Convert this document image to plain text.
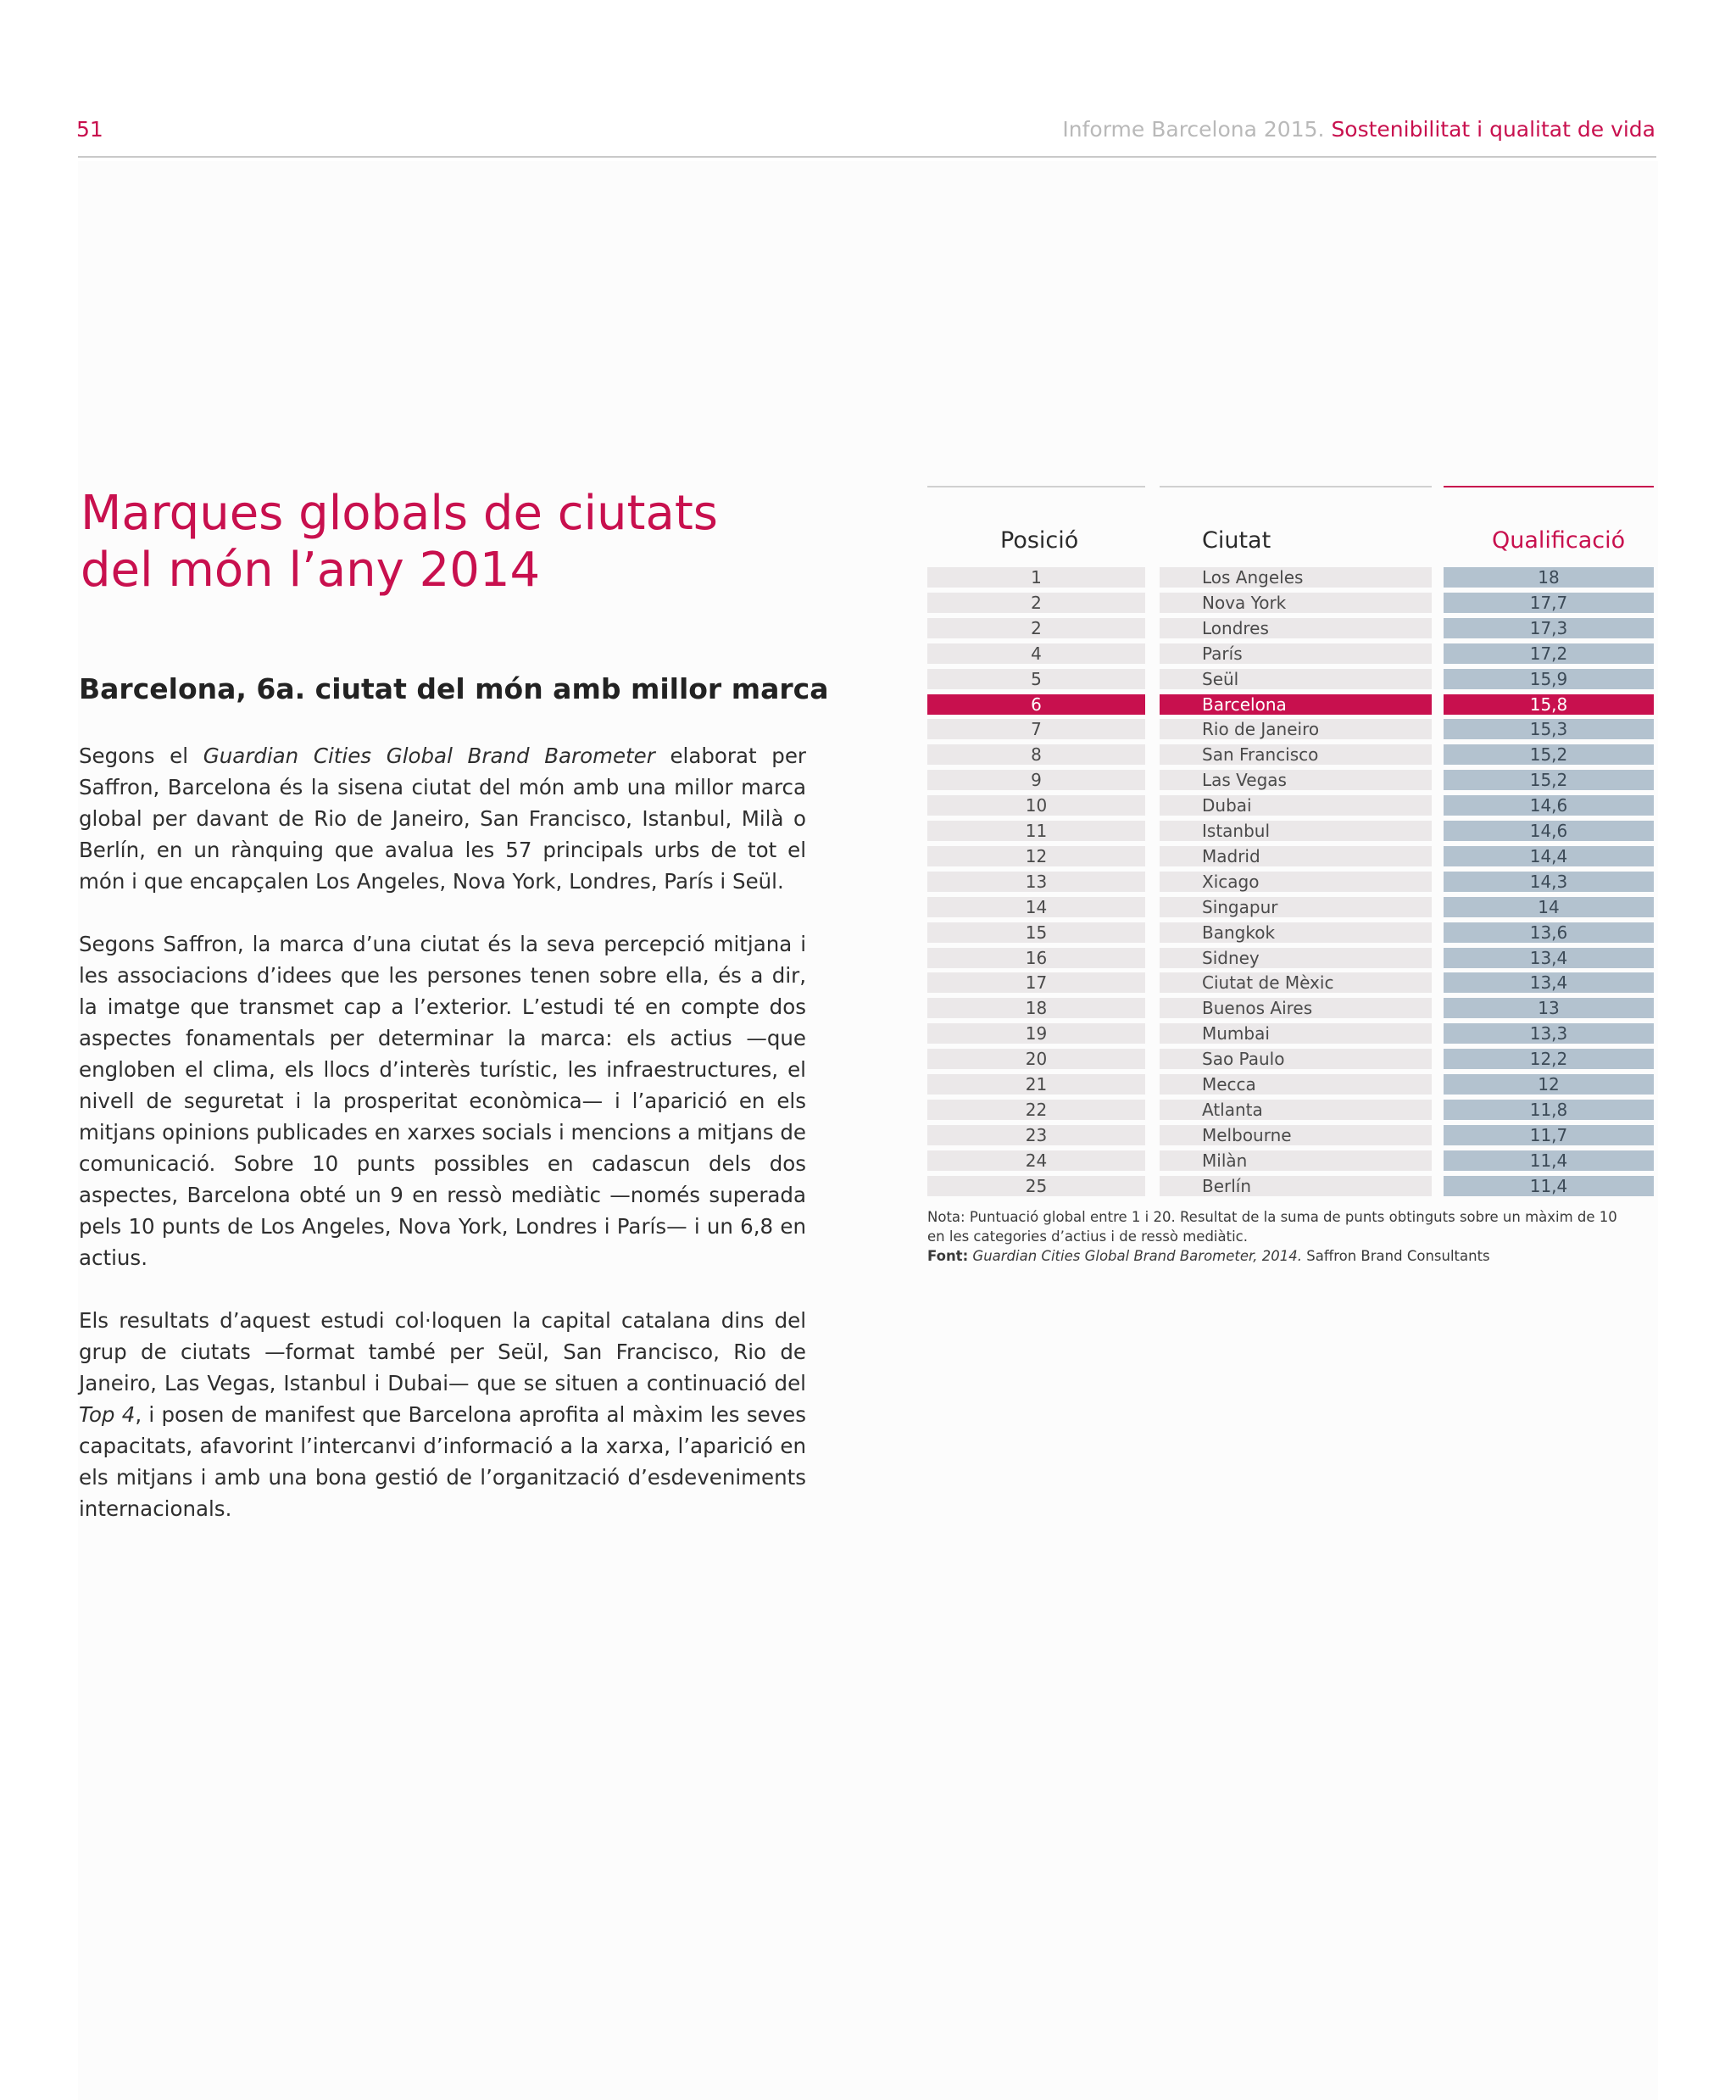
51	Informe Barcelona 2015. Sostenibilitat i qualitat de vida
Marques globals de ciutats
del món l’any 2014
Barcelona, 6a. ciutat del món amb millor marca

Segons el Guardian Cities Global Brand Barometer elaborat per Saffron, Barcelona és la sisena ciutat del món amb una millor marca global per davant de Rio de Janeiro, San Francisco, Istanbul, Milà o Berlín, en un rànquing que avalua les 57 principals urbs de tot el món i que encapçalen Los Angeles, Nova York, Londres, París i Seül.

Segons Saffron, la marca d’una ciutat és la seva percepció mitjana i les associacions d’idees que les persones tenen sobre ella, és a dir, la imatge que transmet cap a l’exterior. L’estudi té en compte dos aspectes fonamentals per determinar la marca: els actius —que engloben el clima, els llocs d’interès turístic, les infraestructures, el nivell de seguretat i la prosperitat econòmica— i l’aparició en els mitjans opinions publicades en xarxes socials i mencions a mitjans de comunicació. Sobre 10 punts possibles en cadascun dels dos aspectes, Barcelona obté un 9 en ressò mediàtic —només superada pels 10 punts de Los Angeles, Nova York, Londres i París— i un 6,8 en actius.

Els resultats d’aquest estudi col·loquen la capital catalana dins del grup de ciutats —format també per Seül, San Francisco, Rio de Janeiro, Las Vegas, Istanbul i Dubai— que se situen a continuació del Top 4, i posen de manifest que Barcelona aprofita al màxim les seves capacitats, afavorint l’intercanvi d’informació a la xarxa, l’aparició en els mitjans i amb una bona gestió de l’organització d’esdeveniments internacionals.

Posició	Ciutat	Qualificació
1	Los Angeles	18
2	Nova York	17,7
2	Londres	17,3
4	París	17,2
5	Seül	15,9
6	Barcelona	15,8
7	Rio de Janeiro	15,3
8	San Francisco	15,2
9	Las Vegas	15,2
10	Dubai	14,6
11	Istanbul	14,6
12	Madrid	14,4
13	Xicago	14,3
14	Singapur	14
15	Bangkok	13,6
16	Sidney	13,4
17	Ciutat de Mèxic	13,4
18	Buenos Aires	13
19	Mumbai	13,3
20	Sao Paulo	12,2
21	Mecca	12
22	Atlanta	11,8
23	Melbourne	11,7
24	Milàn	11,4
25	Berlín	11,4

Nota: Puntuació global entre 1 i 20. Resultat de la suma de punts obtinguts sobre un màxim de 10

en les categories d’actius i de ressò mediàtic.

Font: Guardian Cities Global Brand Barometer, 2014. Saffron Brand Consultants
